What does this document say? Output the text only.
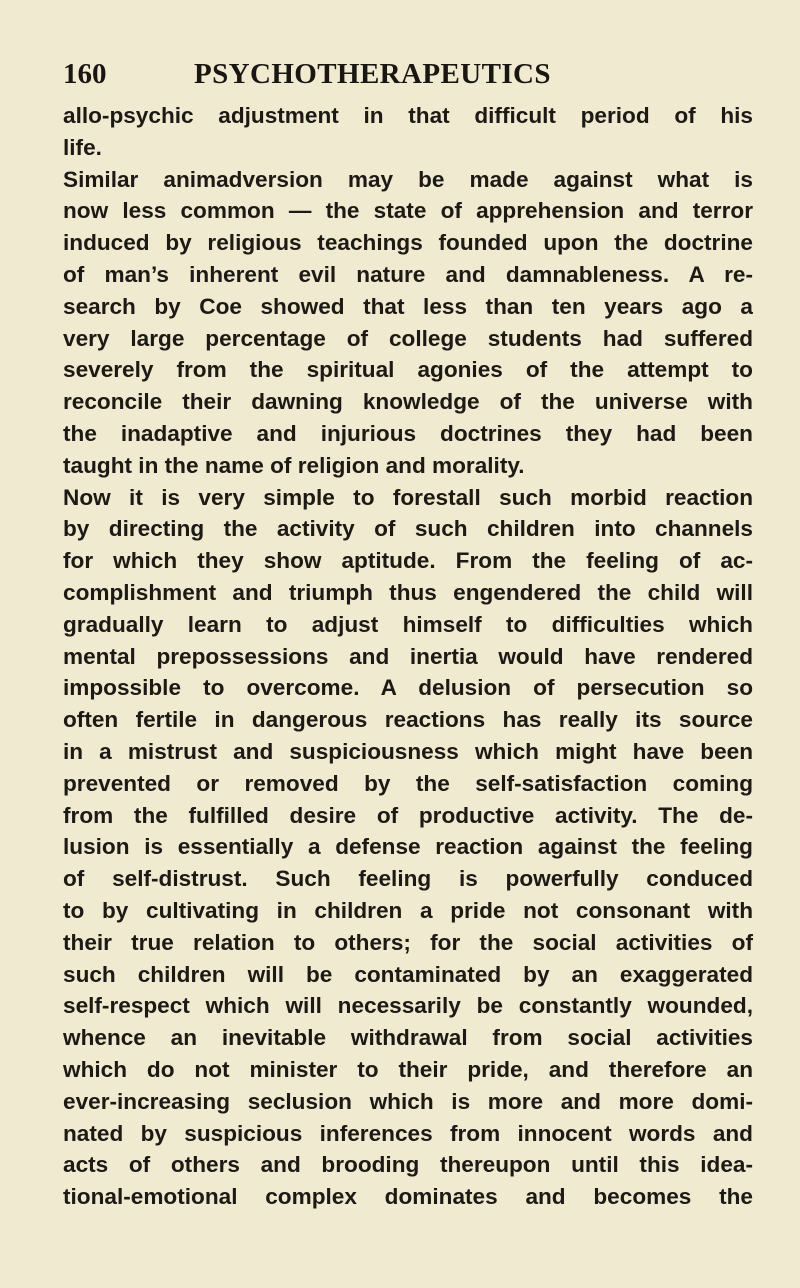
160	PSYCHOTHERAPEUTICS
allo-psychic adjustment in that difficult period of his
life.
Similar animadversion may be made against what is
now less common — the state of apprehension and terror
induced by religious teachings founded upon the doctrine
of man’s inherent evil nature and damnableness. A re-
search by Coe showed that less than ten years ago a
very large percentage of college students had suffered
severely from the spiritual agonies of the attempt to
reconcile their dawning knowledge of the universe with
the inadaptive and injurious doctrines they had been
taught in the name of religion and morality.
Now it is very simple to forestall such morbid reaction
by directing the activity of such children into channels
for which they show aptitude. From the feeling of ac-
complishment and triumph thus engendered the child will
gradually learn to adjust himself to difficulties which
mental prepossessions and inertia would have rendered
impossible to overcome. A delusion of persecution so
often fertile in dangerous reactions has really its source
in a mistrust and suspiciousness which might have been
prevented or removed by the self-satisfaction coming
from the fulfilled desire of productive activity. The de-
lusion is essentially a defense reaction against the feeling
of self-distrust. Such feeling is powerfully conduced
to by cultivating in children a pride not consonant with
their true relation to others; for the social activities of
such children will be contaminated by an exaggerated
self-respect which will necessarily be constantly wounded,
whence an inevitable withdrawal from social activities
which do not minister to their pride, and therefore an
ever-increasing seclusion which is more and more domi-
nated by suspicious inferences from innocent words and
acts of others and brooding thereupon until this idea-
tional-emotional complex dominates and becomes the
